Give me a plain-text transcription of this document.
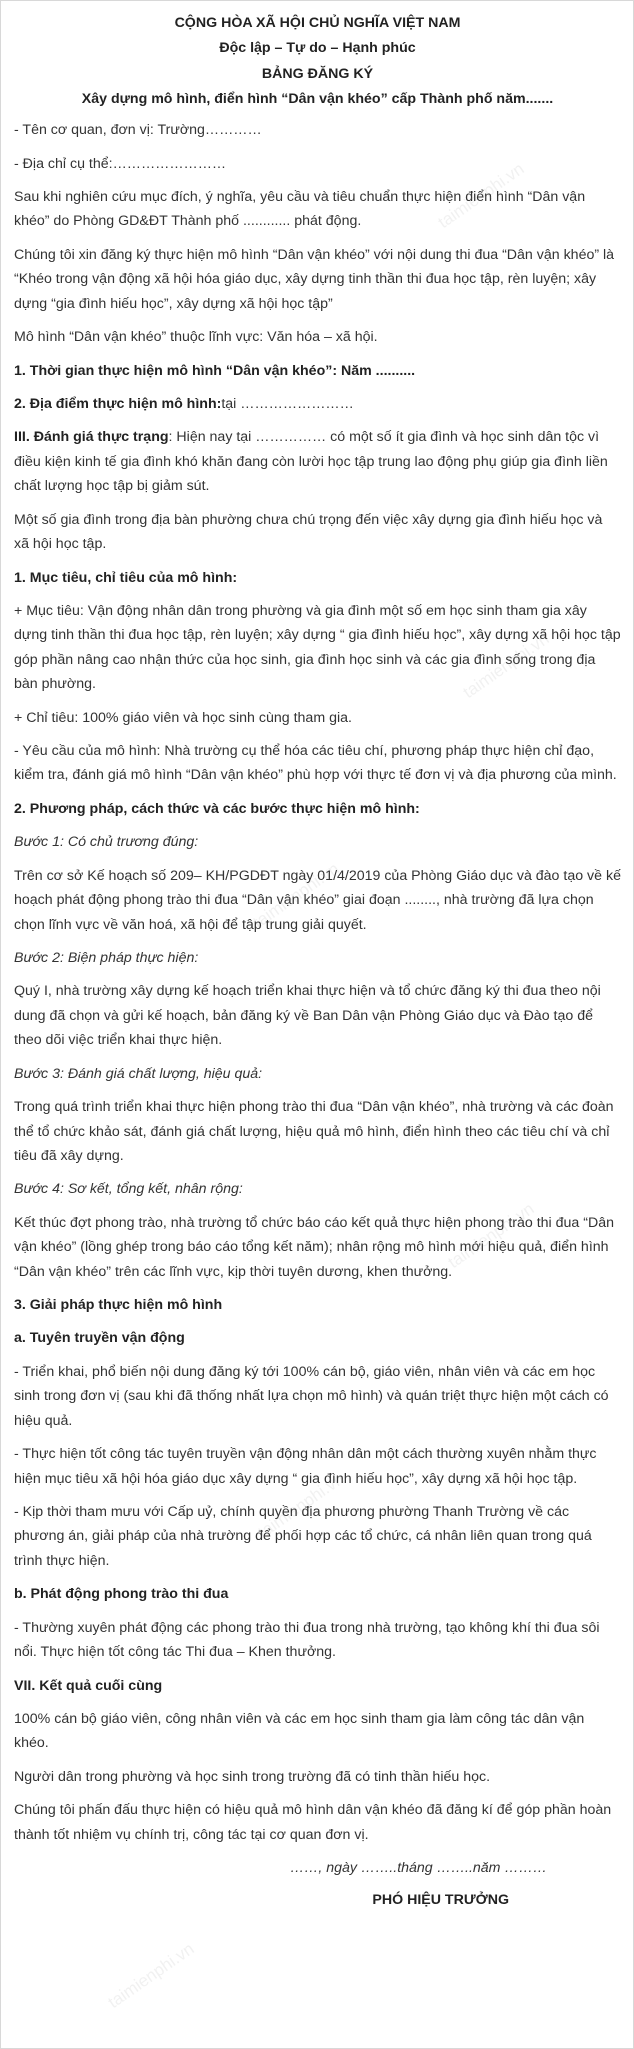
CỘNG HÒA XÃ HỘI CHỦ NGHĨA VIỆT NAM
Độc lập – Tự do – Hạnh phúc
BẢNG ĐĂNG KÝ
Xây dựng mô hình, điển hình “Dân vận khéo” cấp Thành phố năm.......

- Tên cơ quan, đơn vị: Trường…………

- Địa chỉ cụ thể:……………………

Sau khi nghiên cứu mục đích, ý nghĩa, yêu cầu và tiêu chuẩn thực hiện điển hình “Dân vận khéo” do Phòng GD&ĐT Thành phố ............ phát động.

Chúng tôi xin đăng ký thực hiện mô hình “Dân vận khéo” với nội dung thi đua “Dân vận khéo” là “Khéo trong vận động xã hội hóa giáo dục, xây dựng tinh thần thi đua học tập, rèn luyện; xây dựng “gia đình hiếu học”, xây dựng xã hội học tập”

Mô hình “Dân vận khéo” thuộc lĩnh vực: Văn hóa – xã hội.

1. Thời gian thực hiện mô hình “Dân vận khéo”: Năm ..........

2. Địa điểm thực hiện mô hình:tại ……………………

III. Đánh giá thực trạng: Hiện nay tại …………… có một số ít gia đình và học sinh dân tộc vì điều kiện kinh tế gia đình khó khăn đang còn lười học tập trung lao động phụ giúp gia đình liền chất lượng học tập bị giảm sút.

Một số gia đình trong địa bàn phường chưa chú trọng đến việc xây dựng gia đình hiếu học và xã hội học tập.

1. Mục tiêu, chỉ tiêu của mô hình:

+ Mục tiêu: Vận động nhân dân trong phường và gia đình một số em học sinh tham gia xây dựng tinh thần thi đua học tập, rèn luyện; xây dựng “ gia đình hiếu học”, xây dựng xã hội học tập góp phần nâng cao nhận thức của học sinh, gia đình học sinh và các gia đình sống trong địa bàn phường.

+ Chỉ tiêu: 100% giáo viên và học sinh cùng tham gia.

- Yêu cầu của mô hình: Nhà trường cụ thể hóa các tiêu chí, phương pháp thực hiện chỉ đạo, kiểm tra, đánh giá mô hình “Dân vận khéo” phù hợp với thực tế đơn vị và địa phương của mình.

2. Phương pháp, cách thức và các bước thực hiện mô hình:

Bước 1: Có chủ trương đúng:

Trên cơ sở Kế hoạch số 209– KH/PGDĐT ngày 01/4/2019 của Phòng Giáo dục và đào tạo về kế hoạch phát động phong trào thi đua “Dân vận khéo” giai đoạn ........, nhà trường đã lựa chọn chọn lĩnh vực về văn hoá, xã hội để tập trung giải quyết.

Bước 2: Biện pháp thực hiện:

Quý I, nhà trường xây dựng kế hoạch triển khai thực hiện và tổ chức đăng ký thi đua theo nội dung đã chọn và gửi kế hoạch, bản đăng ký về Ban Dân vận Phòng Giáo dục và Đào tạo để theo dõi việc triển khai thực hiện.

Bước 3: Đánh giá chất lượng, hiệu quả:

Trong quá trình triển khai thực hiện phong trào thi đua “Dân vận khéo”, nhà trường và các đoàn thể tổ chức khảo sát, đánh giá chất lượng, hiệu quả mô hình, điển hình theo các tiêu chí và chỉ tiêu đã xây dựng.

Bước 4: Sơ kết, tổng kết, nhân rộng:

Kết thúc đợt phong trào, nhà trường tổ chức báo cáo kết quả thực hiện phong trào thi đua “Dân vận khéo” (lồng ghép trong báo cáo tổng kết năm); nhân rộng mô hình mới hiệu quả, điển hình “Dân vận khéo” trên các lĩnh vực, kịp thời tuyên dương, khen thưởng.

3. Giải pháp thực hiện mô hình

a. Tuyên truyền vận động

- Triển khai, phổ biến nội dung đăng ký tới 100% cán bộ, giáo viên, nhân viên và các em học sinh trong đơn vị (sau khi đã thống nhất lựa chọn mô hình) và quán triệt thực hiện một cách có hiệu quả.

- Thực hiện tốt công tác tuyên truyền vận động nhân dân một cách thường xuyên nhằm thực hiện mục tiêu xã hội hóa giáo dục xây dựng “ gia đình hiếu học”, xây dựng xã hội học tập.

- Kịp thời tham mưu với Cấp uỷ, chính quyền địa phương phường Thanh Trường về các phương án, giải pháp của nhà trường để phối hợp các tổ chức, cá nhân liên quan trong quá trình thực hiện.

b. Phát động phong trào thi đua

- Thường xuyên phát động các phong trào thi đua trong nhà trường, tạo không khí thi đua sôi nổi. Thực hiện tốt công tác Thi đua – Khen thưởng.

VII. Kết quả cuối cùng

100% cán bộ giáo viên, công nhân viên và các em học sinh tham gia làm công tác dân vận khéo.

Người dân trong phường và học sinh trong trường đã có tinh thần hiếu học.

Chúng tôi phấn đấu thực hiện có hiệu quả mô hình dân vận khéo đã đăng kí để góp phần hoàn thành tốt nhiệm vụ chính trị, công tác tại cơ quan đơn vị.

……, ngày ……..tháng ……..năm ………

PHÓ HIỆU TRƯỞNG

taimienphi.vn
taimienphi.vn
taimienphi.vn
taimienphi.vn
taimienphi.vn
taimienphi.vn
